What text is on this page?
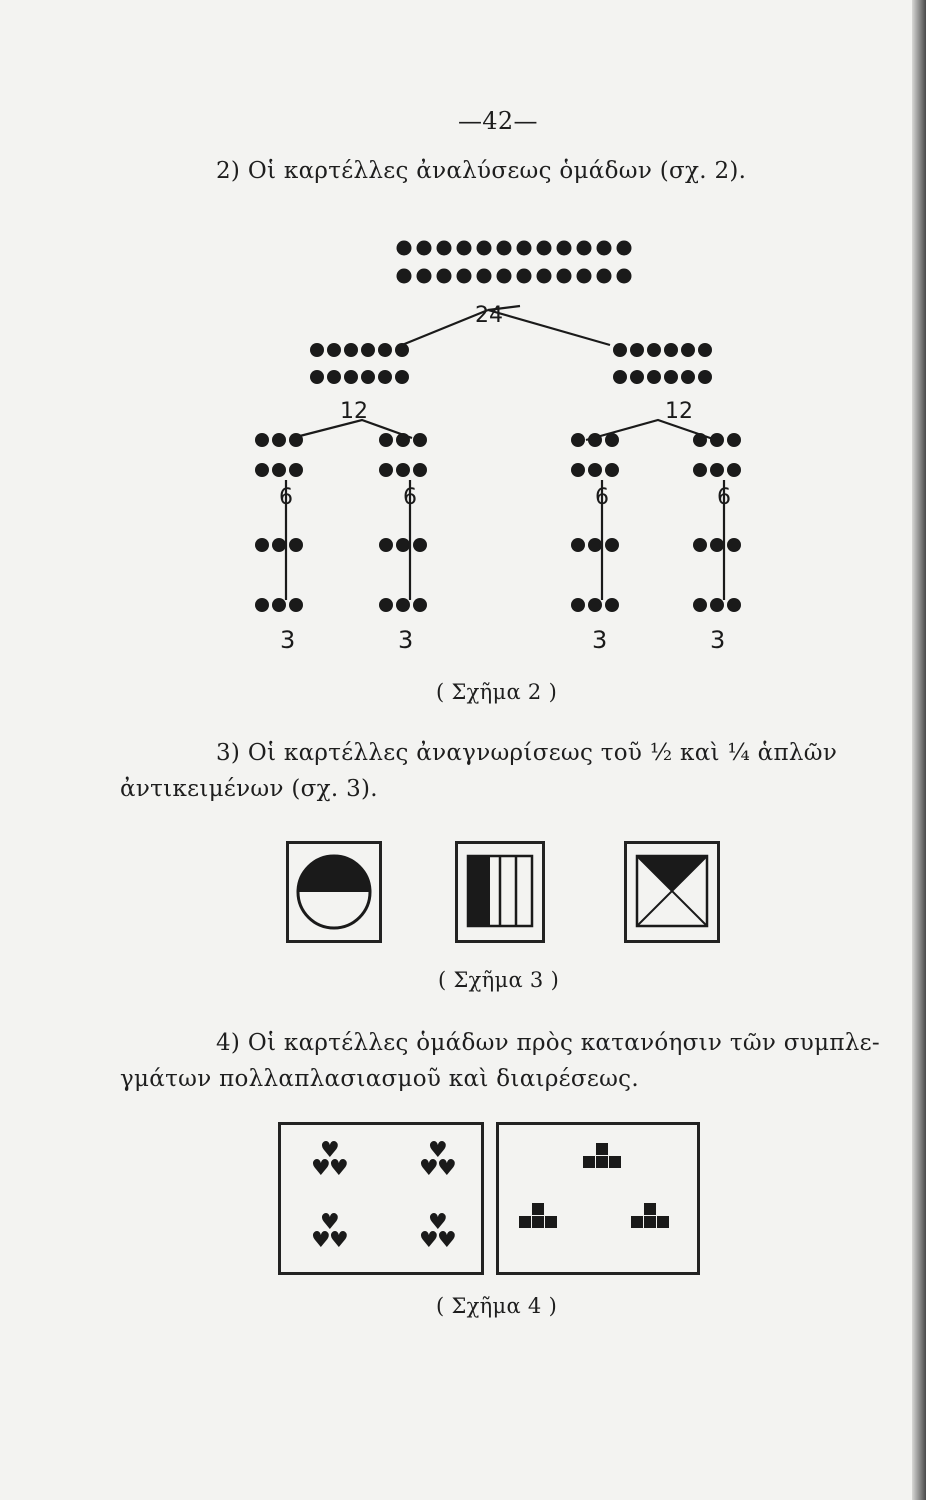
—42—
2) Οἱ καρτέλλες ἀναλύσεως ὁμάδων (σχ. 2).
24
12	12
6	6	6	6
3	3	3	3
( Σχῆμα 2 )
3) Οἱ καρτέλλες ἀναγνωρίσεως τοῦ ½ καὶ ¼ ἁπλῶν
ἀντικειμένων (σχ. 3).
( Σχῆμα 3 )
4) Οἱ καρτέλλες ὁμάδων πρὸς κατανόησιν τῶν συμπλε-
γμάτων πολλαπλασιασμοῦ καὶ διαιρέσεως.
♥
♥
♥
♥
♥
♥
♥
♥
♥
♥
♥
♥
( Σχῆμα 4 )
